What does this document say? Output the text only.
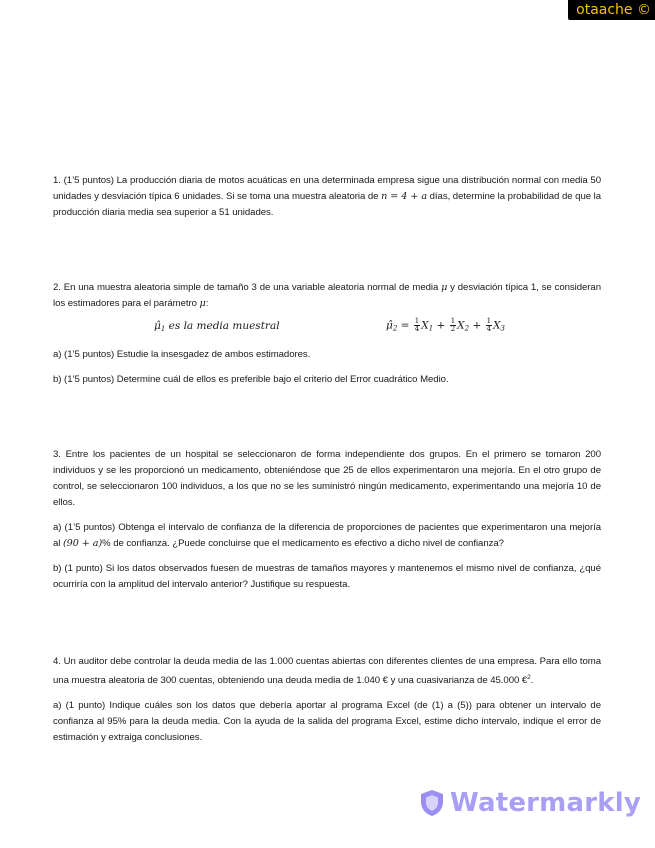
otaache ©

1. (1’5 puntos) La producción diaria de motos acuáticas en una determinada empresa sigue una distribución normal con media 50 unidades y desviación típica 6 unidades. Si se toma una muestra aleatoria de n = 4 + a días, determine la probabilidad de que la producción diaria media sea superior a 51 unidades.

2. En una muestra aleatoria simple de tamaño 3 de una variable aleatoria normal de media μ y desviación típica 1, se consideran los estimadores para el parámetro μ:

μ̂1 es la media muestral	μ̂2 = $\frac{1}{4} X1 + \frac{1}{2} X2 + \frac{1}{4} X3$

a) (1’5 puntos) Estudie la insesgadez de ambos estimadores.

b) (1’5 puntos) Determine cuál de ellos es preferible bajo el criterio del Error cuadrático Medio.

3. Entre los pacientes de un hospital se seleccionaron de forma independiente dos grupos. En el primero se tomaron 200 individuos y se les proporcionó un medicamento, obteniéndose que 25 de ellos experimentaron una mejoría. En el otro grupo de control, se seleccionaron 100 individuos, a los que no se les suministró ningún medicamento, experimentando una mejoría 10 de ellos.

a) (1’5 puntos) Obtenga el intervalo de confianza de la diferencia de proporciones de pacientes que experimentaron una mejoría al (90 + a)% de confianza. ¿Puede concluirse que el medicamento es efectivo a dicho nivel de confianza?

b) (1 punto) Si los datos observados fuesen de muestras de tamaños mayores y mantenemos el mismo nivel de confianza, ¿qué ocurriría con la amplitud del intervalo anterior? Justifique su respuesta.

4. Un auditor debe controlar la deuda media de las 1.000 cuentas abiertas con diferentes clientes de una empresa. Para ello toma una muestra aleatoria de 300 cuentas, obteniendo una deuda media de 1.040 € y una cuasivarianza de 45.000 €$^2$.

a) (1 punto) Indique cuáles son los datos que debería aportar al programa Excel (de (1) a (5)) para obtener un intervalo de confianza al 95% para la deuda media. Con la ayuda de la salida del programa Excel, estime dicho intervalo, indique el error de estimación y extraiga conclusiones.

Watermarkly
